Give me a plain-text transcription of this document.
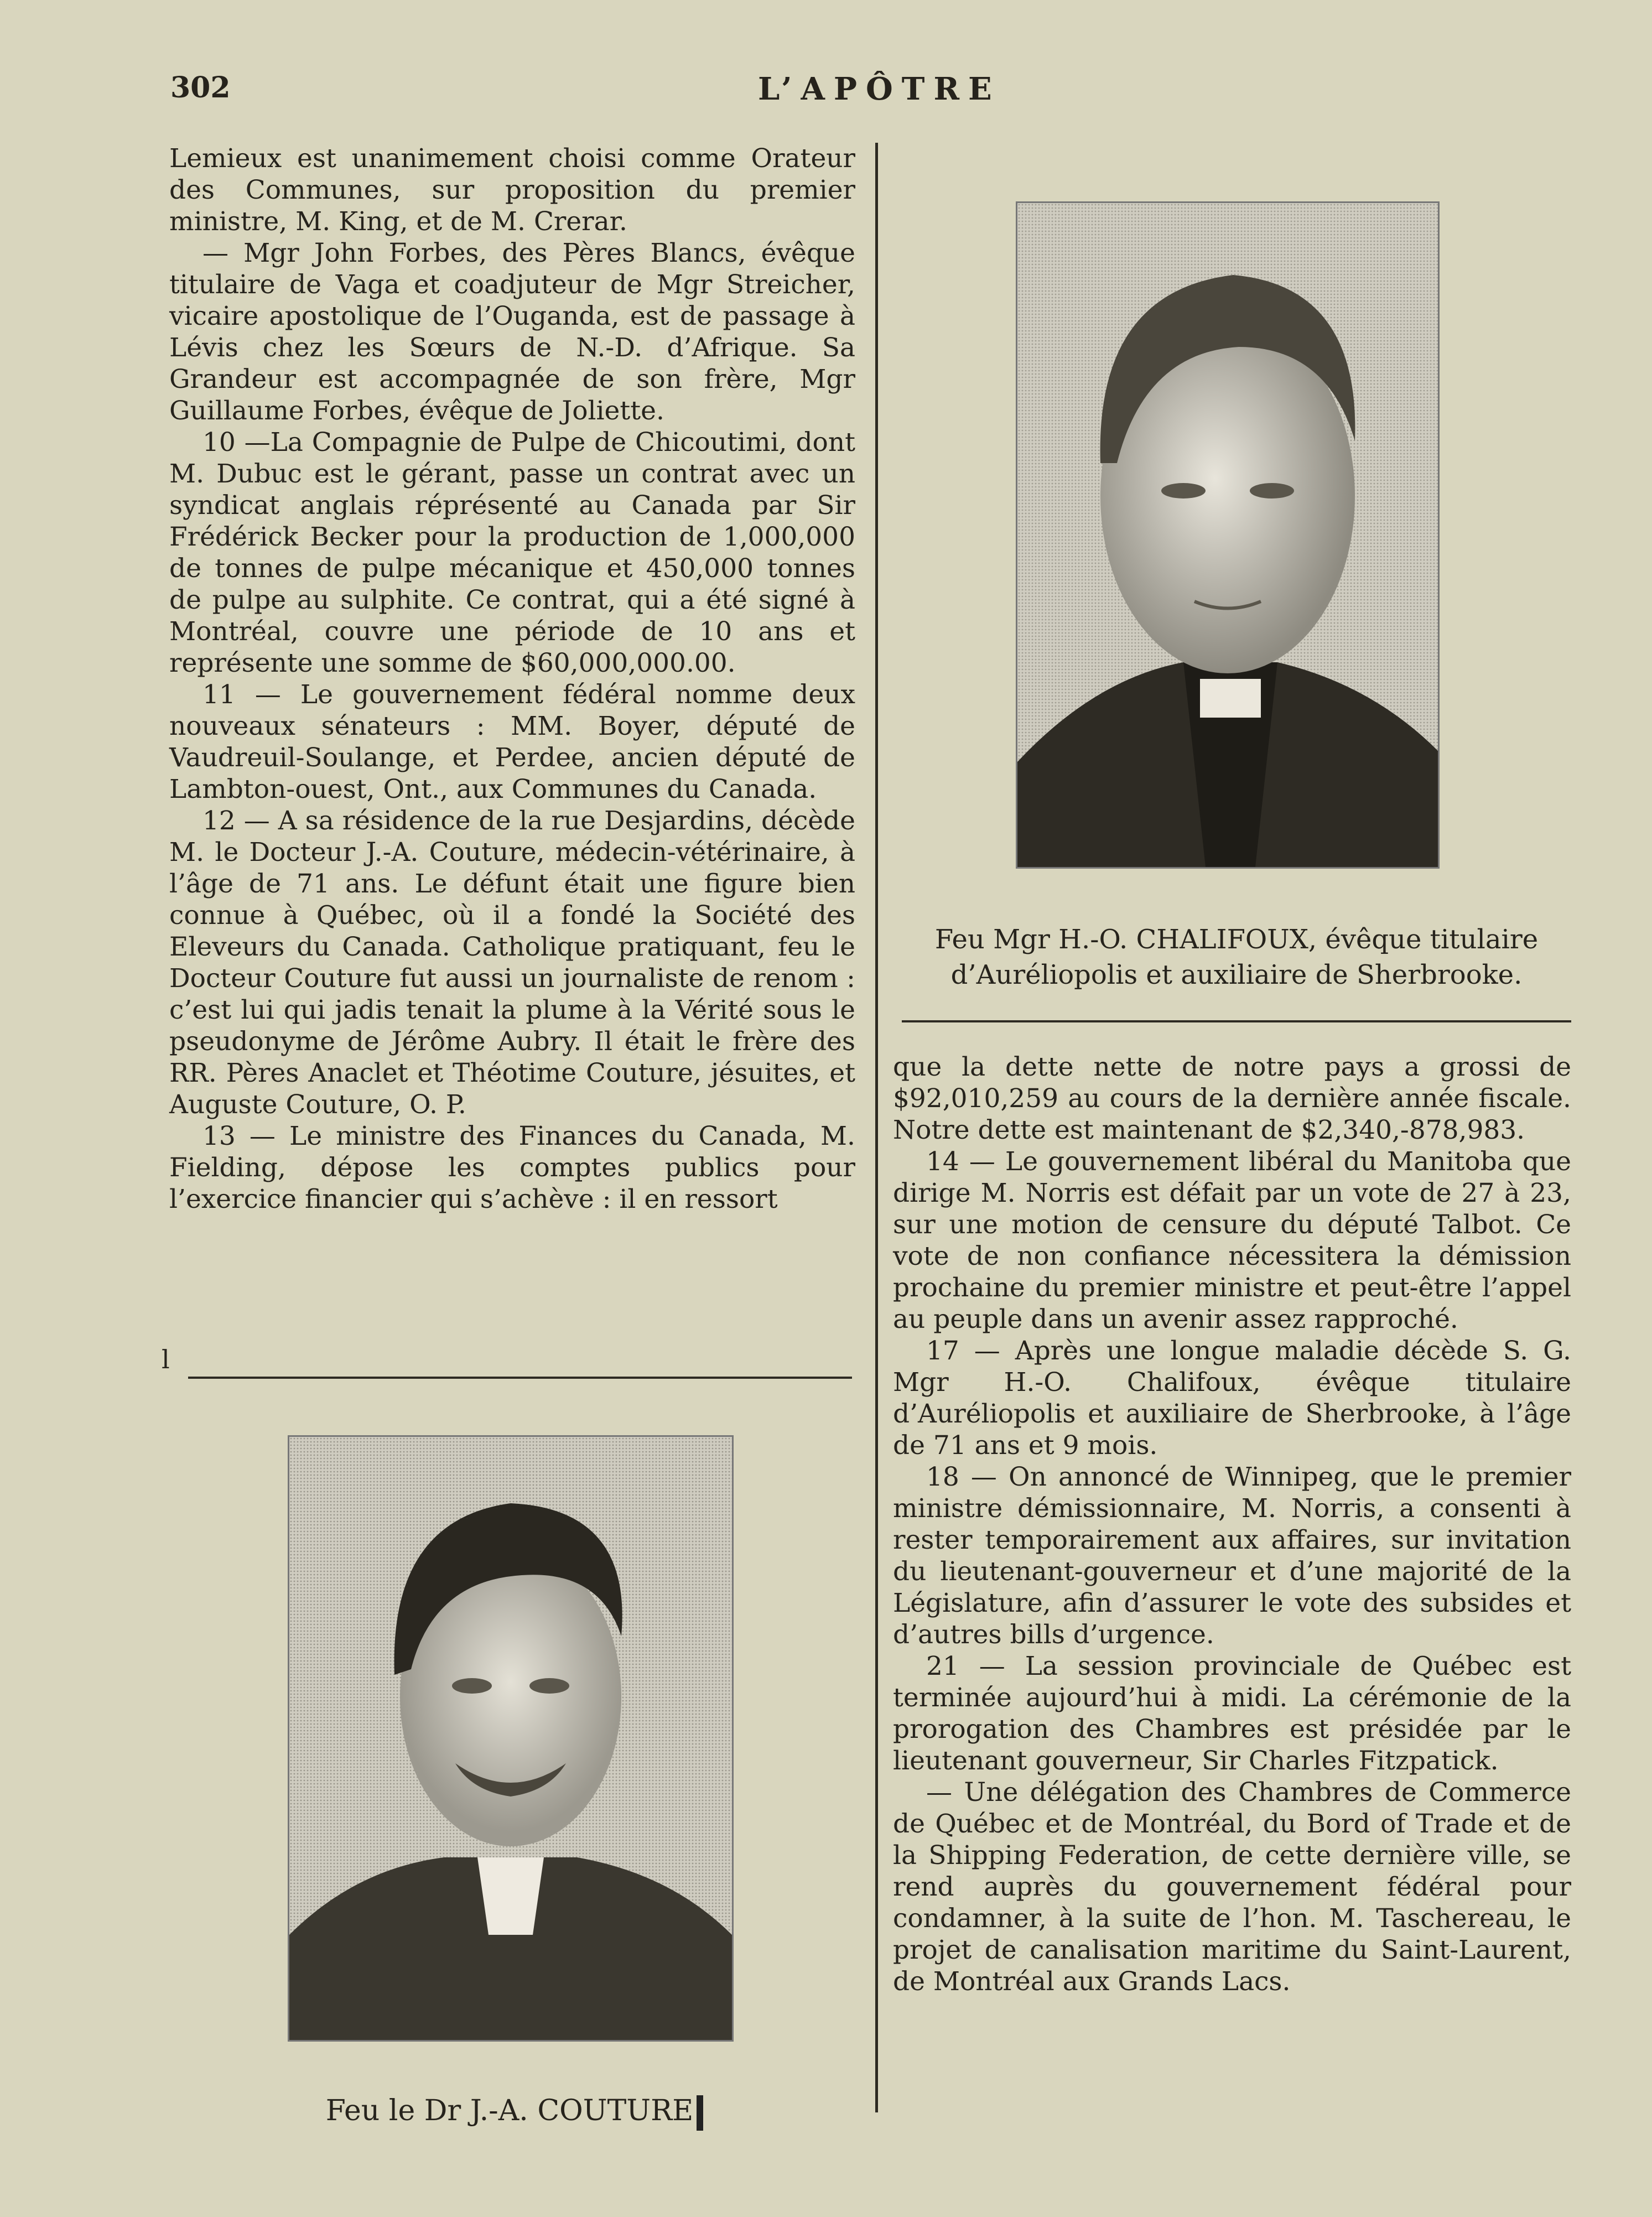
302	L’APÔTRE

Lemieux est unanimement choisi comme Orateur des Communes, sur proposition du premier ministre, M. King, et de M. Crerar.

— Mgr John Forbes, des Pères Blancs, évêque titulaire de Vaga et coadjuteur de Mgr Streicher, vicaire apostolique de l’Ouganda, est de passage à Lévis chez les Sœurs de N.-D. d’Afrique. Sa Grandeur est accompagnée de son frère, Mgr Guillaume Forbes, évêque de Joliette.

10 —La Compagnie de Pulpe de Chicoutimi, dont M. Dubuc est le gérant, passe un contrat avec un syndicat anglais réprésenté au Canada par Sir Frédérick Becker pour la production de 1,000,000 de tonnes de pulpe mécanique et 450,000 tonnes de pulpe au sulphite. Ce contrat, qui a été signé à Montréal, couvre une période de 10 ans et représente une somme de $60,000,000.00.

11 — Le gouvernement fédéral nomme deux nouveaux sénateurs : MM. Boyer, député de Vaudreuil-Soulange, et Perdee, ancien député de Lambton-ouest, Ont., aux Communes du Canada.

12 — A sa résidence de la rue Desjardins, décède M. le Docteur J.-A. Couture, médecin-vétérinaire, à l’âge de 71 ans. Le défunt était une figure bien connue à Québec, où il a fondé la Société des Eleveurs du Canada. Catholique pratiquant, feu le Docteur Couture fut aussi un journaliste de renom : c’est lui qui jadis tenait la plume à la Vérité sous le pseudonyme de Jérôme Aubry. Il était le frère des RR. Pères Anaclet et Théotime Couture, jésuites, et Auguste Couture, O. P.

13 — Le ministre des Finances du Canada, M. Fielding, dépose les comptes publics pour l’exercice financier qui s’achève : il en ressort

l
Feu le Dr J.-A. COUTURE
Feu Mgr H.-O. CHALIFOUX, évêque titulaire d’Auréliopolis et auxiliaire de Sherbrooke.

que la dette nette de notre pays a grossi de $92,010,259 au cours de la dernière année fiscale. Notre dette est maintenant de $2,340,-878,983.

14 — Le gouvernement libéral du Manitoba que dirige M. Norris est défait par un vote de 27 à 23, sur une motion de censure du député Talbot. Ce vote de non confiance nécessitera la démission prochaine du premier ministre et peut-être l’appel au peuple dans un avenir assez rapproché.

17 — Après une longue maladie décède S. G. Mgr H.-O. Chalifoux, évêque titulaire d’Auréliopolis et auxiliaire de Sherbrooke, à l’âge de 71 ans et 9 mois.

18 — On annoncé de Winnipeg, que le premier ministre démissionnaire, M. Norris, a consenti à rester temporairement aux affaires, sur invitation du lieutenant-gouverneur et d’une majorité de la Législature, afin d’assurer le vote des subsides et d’autres bills d’urgence.

21 — La session provinciale de Québec est terminée aujourd’hui à midi. La cérémonie de la prorogation des Chambres est présidée par le lieutenant gouverneur, Sir Charles Fitzpatick.

— Une délégation des Chambres de Commerce de Québec et de Montréal, du Bord of Trade et de la Shipping Federation, de cette dernière ville, se rend auprès du gouvernement fédéral pour condamner, à la suite de l’hon. M. Taschereau, le projet de canalisation maritime du Saint-Laurent, de Montréal aux Grands Lacs.
